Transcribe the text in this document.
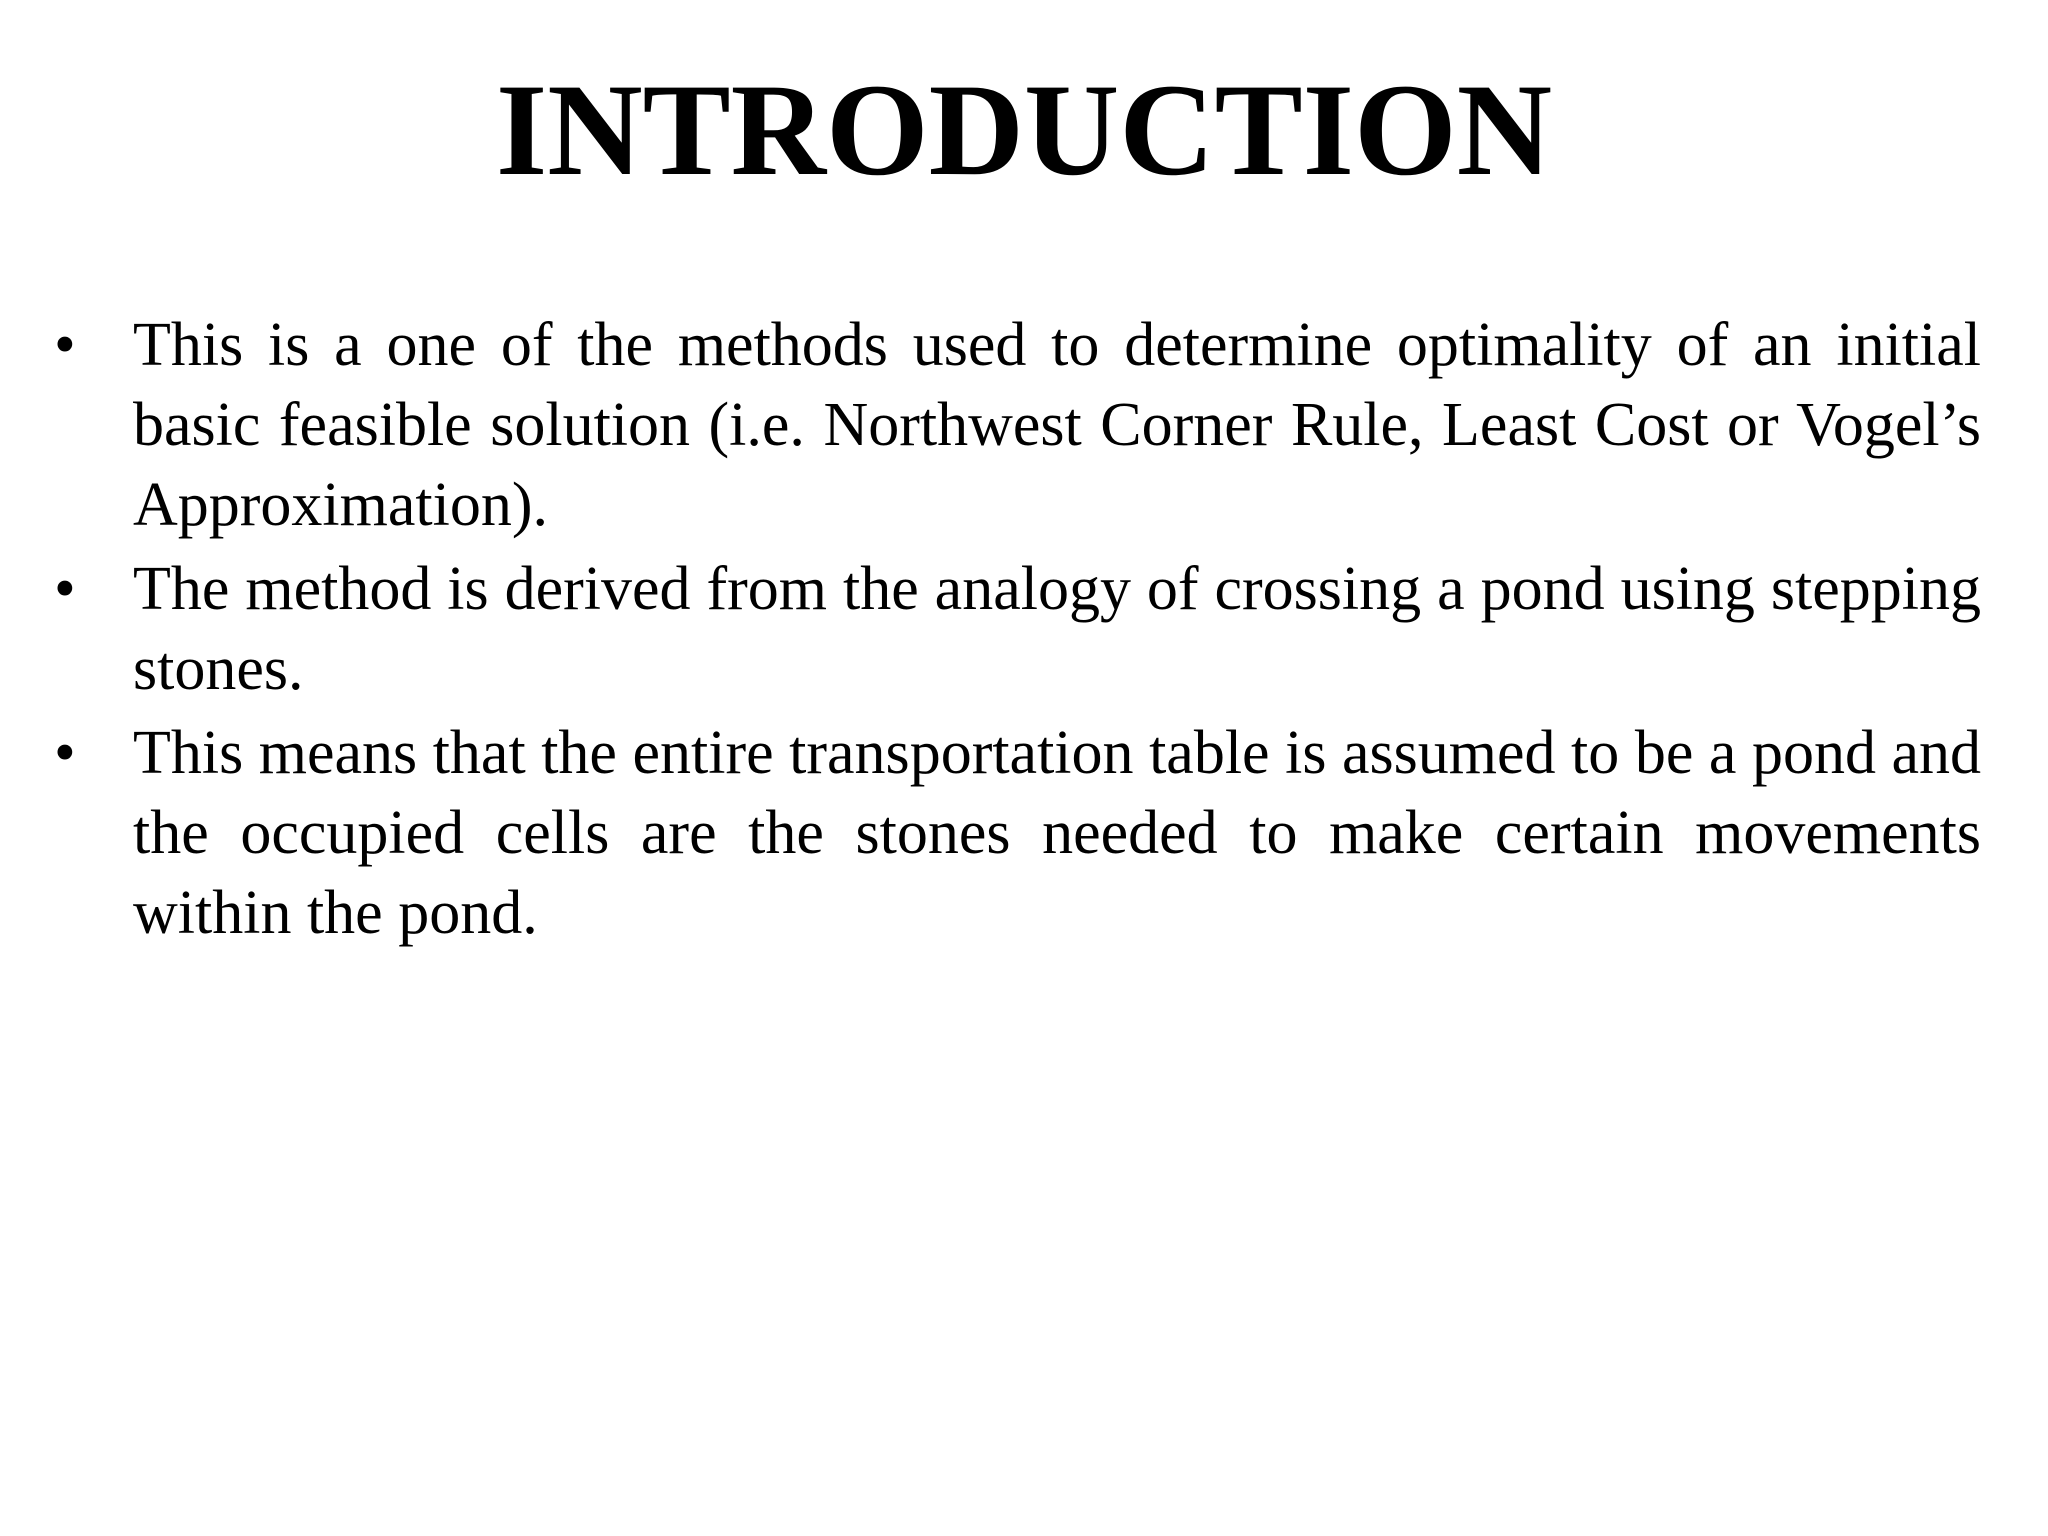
INTRODUCTION
• This is a one of the methods used to determine optimality of an initial basic feasible solution (i.e. Northwest Corner Rule, Least Cost or Vogel’s Approximation).
• The method is derived from the analogy of crossing a pond using stepping stones.
• This means that the entire transportation table is assumed to be a pond and the occupied cells are the stones needed to make certain movements within the pond.
